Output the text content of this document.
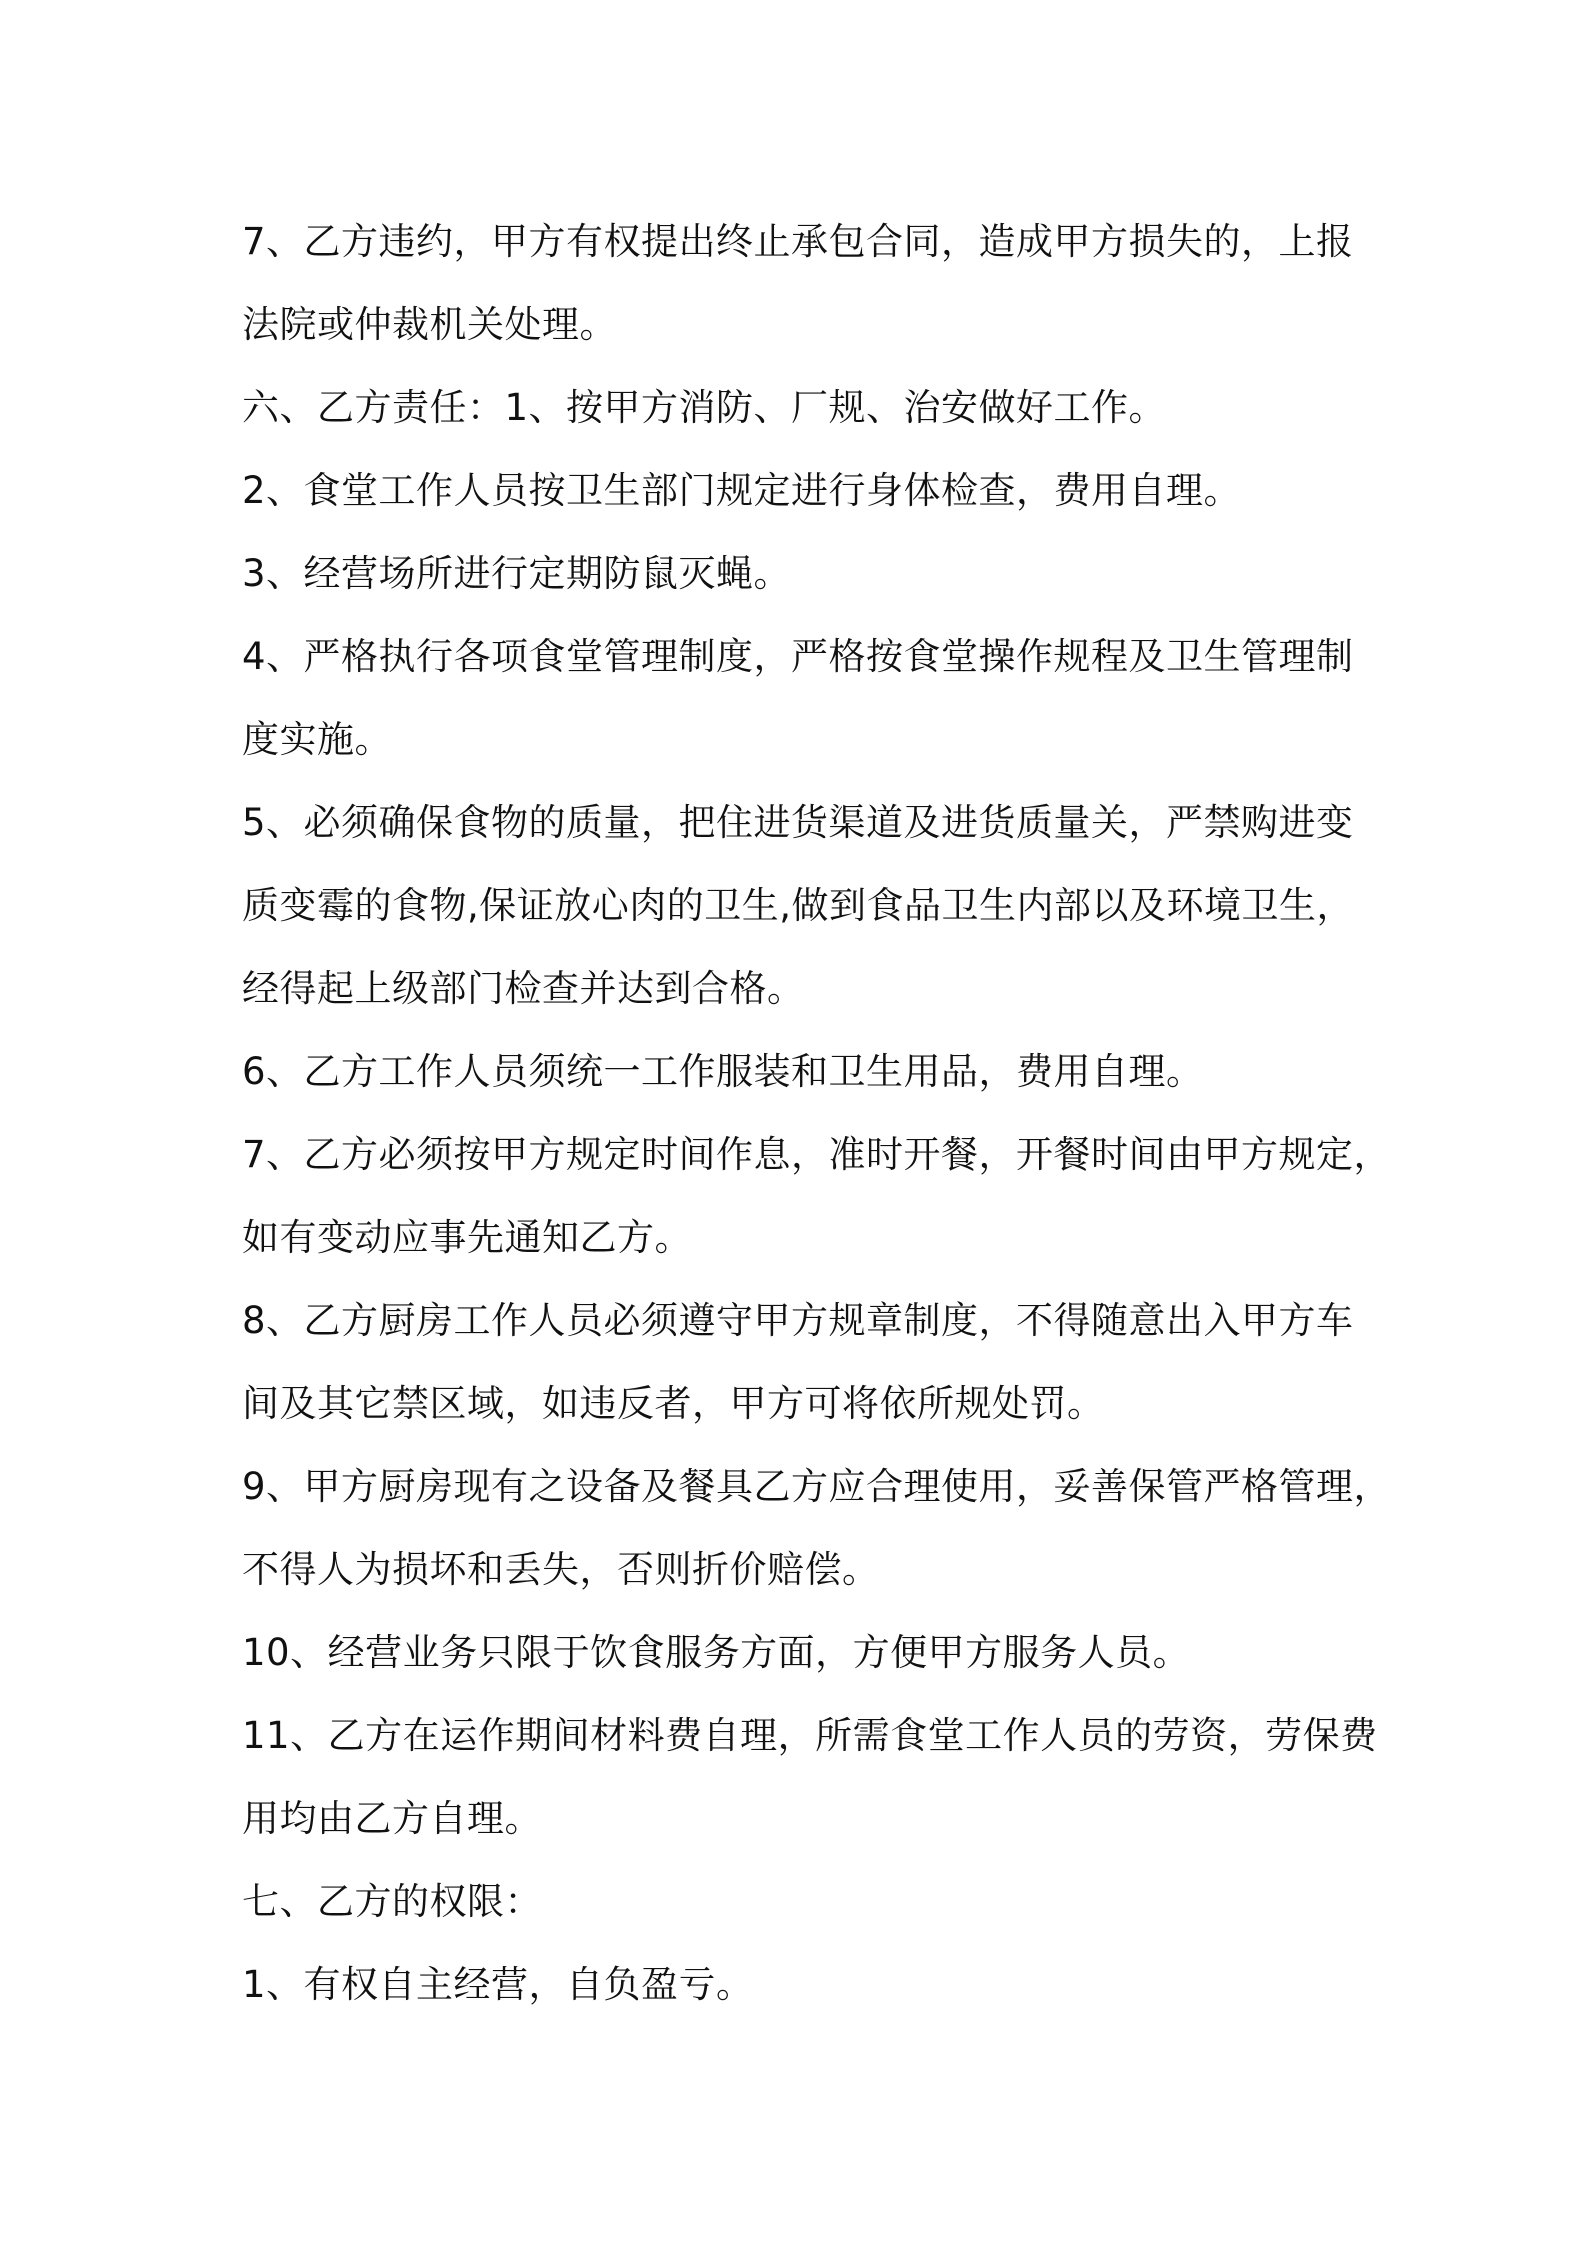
7、乙方违约，甲方有权提出终止承包合同，造成甲方损失的，上报
法院或仲裁机关处理。
六、乙方责任：1、按甲方消防、厂规、治安做好工作。
2、食堂工作人员按卫生部门规定进行身体检查，费用自理。
3、经营场所进行定期防鼠灭蝇。
4、严格执行各项食堂管理制度，严格按食堂操作规程及卫生管理制
度实施。
5、必须确保食物的质量，把住进货渠道及进货质量关，严禁购进变
质变霉的食物,保证放心肉的卫生,做到食品卫生内部以及环境卫生，
经得起上级部门检查并达到合格。
6、乙方工作人员须统一工作服装和卫生用品，费用自理。
7、乙方必须按甲方规定时间作息，准时开餐，开餐时间由甲方规定，
如有变动应事先通知乙方。
8、乙方厨房工作人员必须遵守甲方规章制度，不得随意出入甲方车
间及其它禁区域，如违反者，甲方可将依所规处罚。
9、甲方厨房现有之设备及餐具乙方应合理使用，妥善保管严格管理，
不得人为损坏和丢失，否则折价赔偿。
10、经营业务只限于饮食服务方面，方便甲方服务人员。
11、乙方在运作期间材料费自理，所需食堂工作人员的劳资，劳保费
用均由乙方自理。
七、乙方的权限：
1、有权自主经营，自负盈亏。
